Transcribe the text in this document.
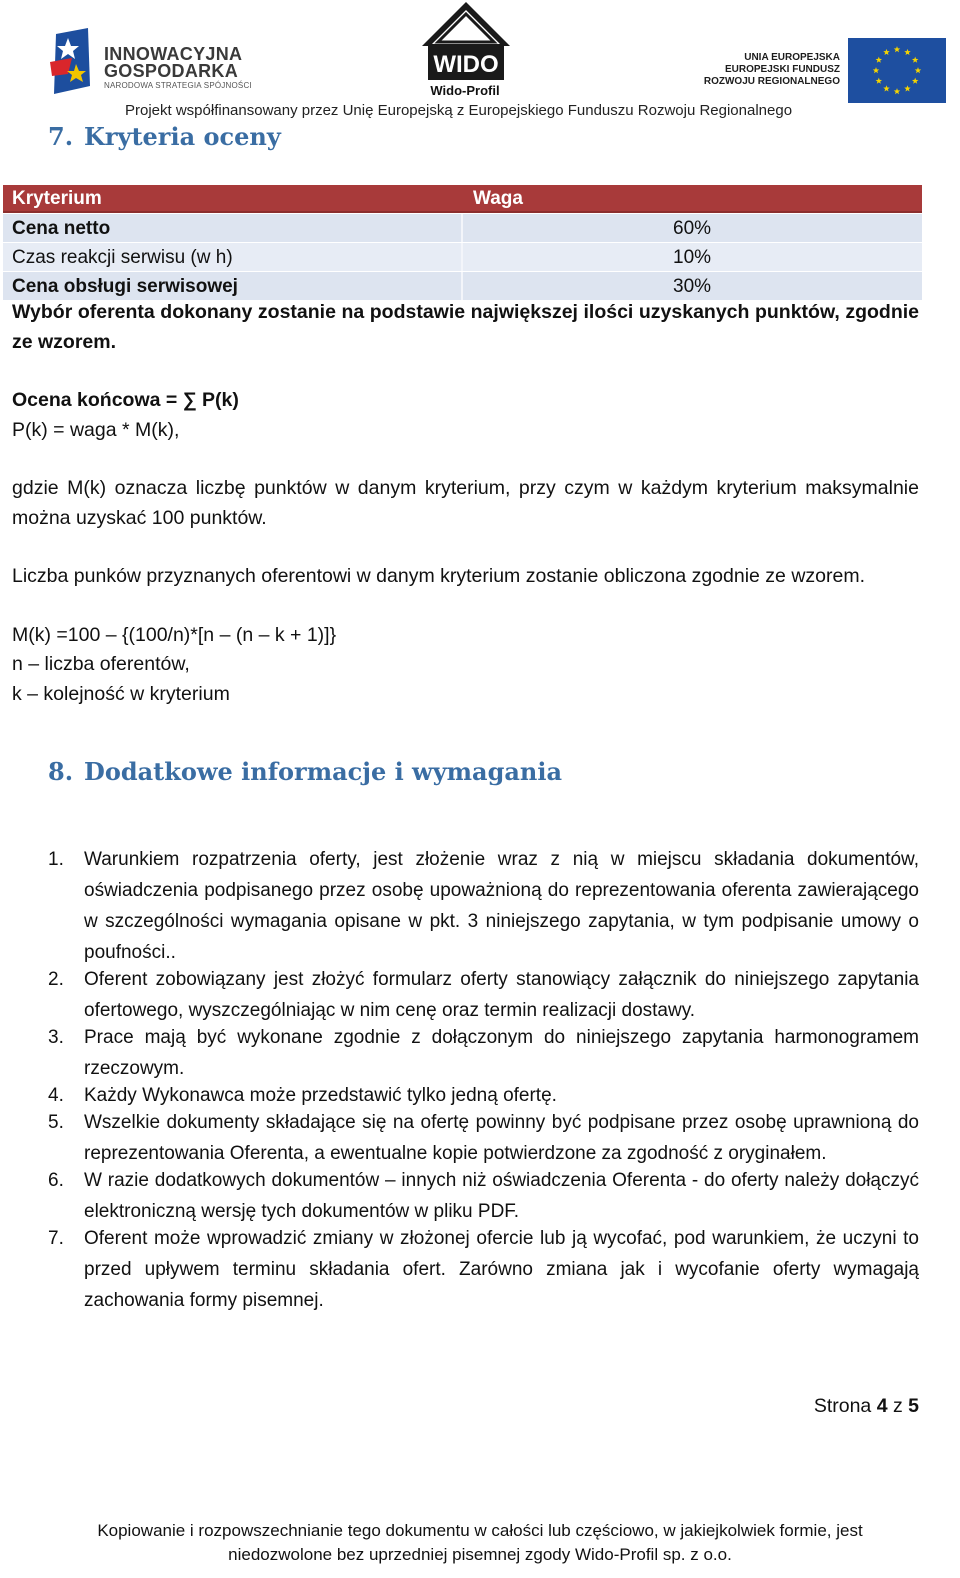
INNOWACYJNA
GOSPODARKA
NARODOWA STRATEGIA SPÓJNOŚCI
WIDO
Wido-Profil
UNIA EUROPEJSKA
EUROPEJSKI FUNDUSZ
ROZWOJU REGIONALNEGO
Projekt współfinansowany przez Unię Europejską z Europejskiego Funduszu Rozwoju Regionalnego
7. Kryteria oceny
Kryterium	Waga
Cena netto	60%
Czas reakcji serwisu (w h)	10%
Cena obsługi serwisowej	30%
Wybór oferenta dokonany zostanie na podstawie największej ilości uzyskanych punktów, zgodnie ze wzorem.
Ocena końcowa = ∑ P(k)
P(k) = waga * M(k),
gdzie M(k) oznacza liczbę punktów w danym kryterium, przy czym w każdym kryterium maksymalnie można uzyskać 100 punktów.
Liczba punków przyznanych oferentowi w danym kryterium zostanie obliczona zgodnie ze wzorem.
M(k) =100 – {(100/n)*[n – (n – k + 1)]}
n – liczba oferentów,
k – kolejność w kryterium
8. Dodatkowe informacje i wymagania
1. Warunkiem rozpatrzenia oferty, jest złożenie wraz z nią w miejscu składania dokumentów, oświadczenia podpisanego przez osobę upoważnioną do reprezentowania oferenta zawierającego w szczególności wymagania opisane w pkt. 3 niniejszego zapytania, w tym podpisanie umowy o poufności..
2. Oferent zobowiązany jest złożyć formularz oferty stanowiący załącznik do niniejszego zapytania ofertowego, wyszczególniając w nim cenę oraz termin realizacji dostawy.
3. Prace mają być wykonane zgodnie z dołączonym do niniejszego zapytania harmonogramem rzeczowym.
4. Każdy Wykonawca może przedstawić tylko jedną ofertę.
5. Wszelkie dokumenty składające się na ofertę powinny być podpisane przez osobę uprawnioną do reprezentowania Oferenta, a ewentualne kopie potwierdzone za zgodność z oryginałem.
6. W razie dodatkowych dokumentów – innych niż oświadczenia Oferenta - do oferty należy dołączyć elektroniczną wersję tych dokumentów w pliku PDF.
7. Oferent może wprowadzić zmiany w złożonej ofercie lub ją wycofać, pod warunkiem, że uczyni to przed upływem terminu składania ofert. Zarówno zmiana jak i wycofanie oferty wymagają zachowania formy pisemnej.
Strona 4 z 5
Kopiowanie i rozpowszechnianie tego dokumentu w całości lub częściowo, w jakiejkolwiek formie, jest
niedozwolone bez uprzedniej pisemnej zgody Wido-Profil sp. z o.o.
